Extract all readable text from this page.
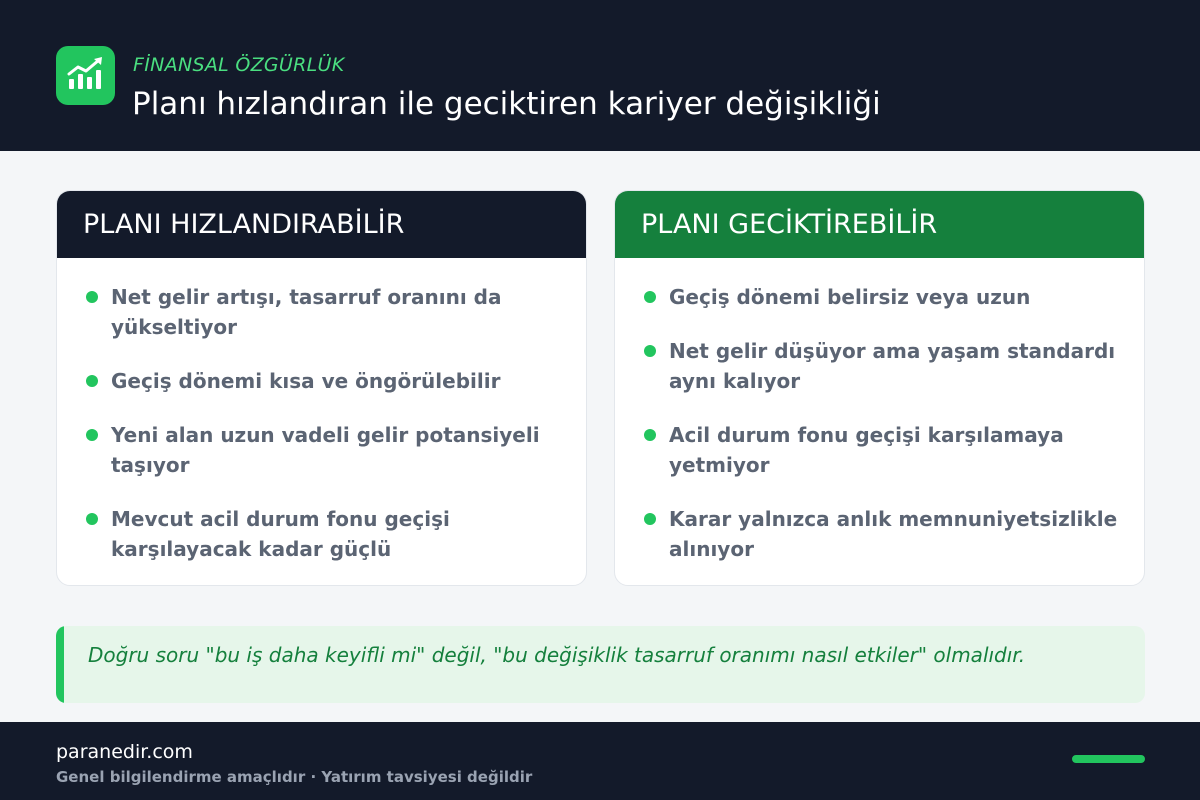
FİNANSAL ÖZGÜRLÜK
Planı hızlandıran ile geciktiren kariyer değişikliği
PLANI HIZLANDIRABİLİR
Net gelir artışı, tasarruf oranını da yükseltiyor
Geçiş dönemi kısa ve öngörülebilir
Yeni alan uzun vadeli gelir potansiyeli taşıyor
Mevcut acil durum fonu geçişi karşılayacak kadar güçlü
PLANI GECİKTİREBİLİR
Geçiş dönemi belirsiz veya uzun
Net gelir düşüyor ama yaşam standardı aynı kalıyor
Acil durum fonu geçişi karşılamaya yetmiyor
Karar yalnızca anlık memnuniyetsizlikle alınıyor
Doğru soru "bu iş daha keyifli mi" değil, "bu değişiklik tasarruf oranımı nasıl etkiler" olmalıdır.
paranedir.com
Genel bilgilendirme amaçlıdır · Yatırım tavsiyesi değildir
